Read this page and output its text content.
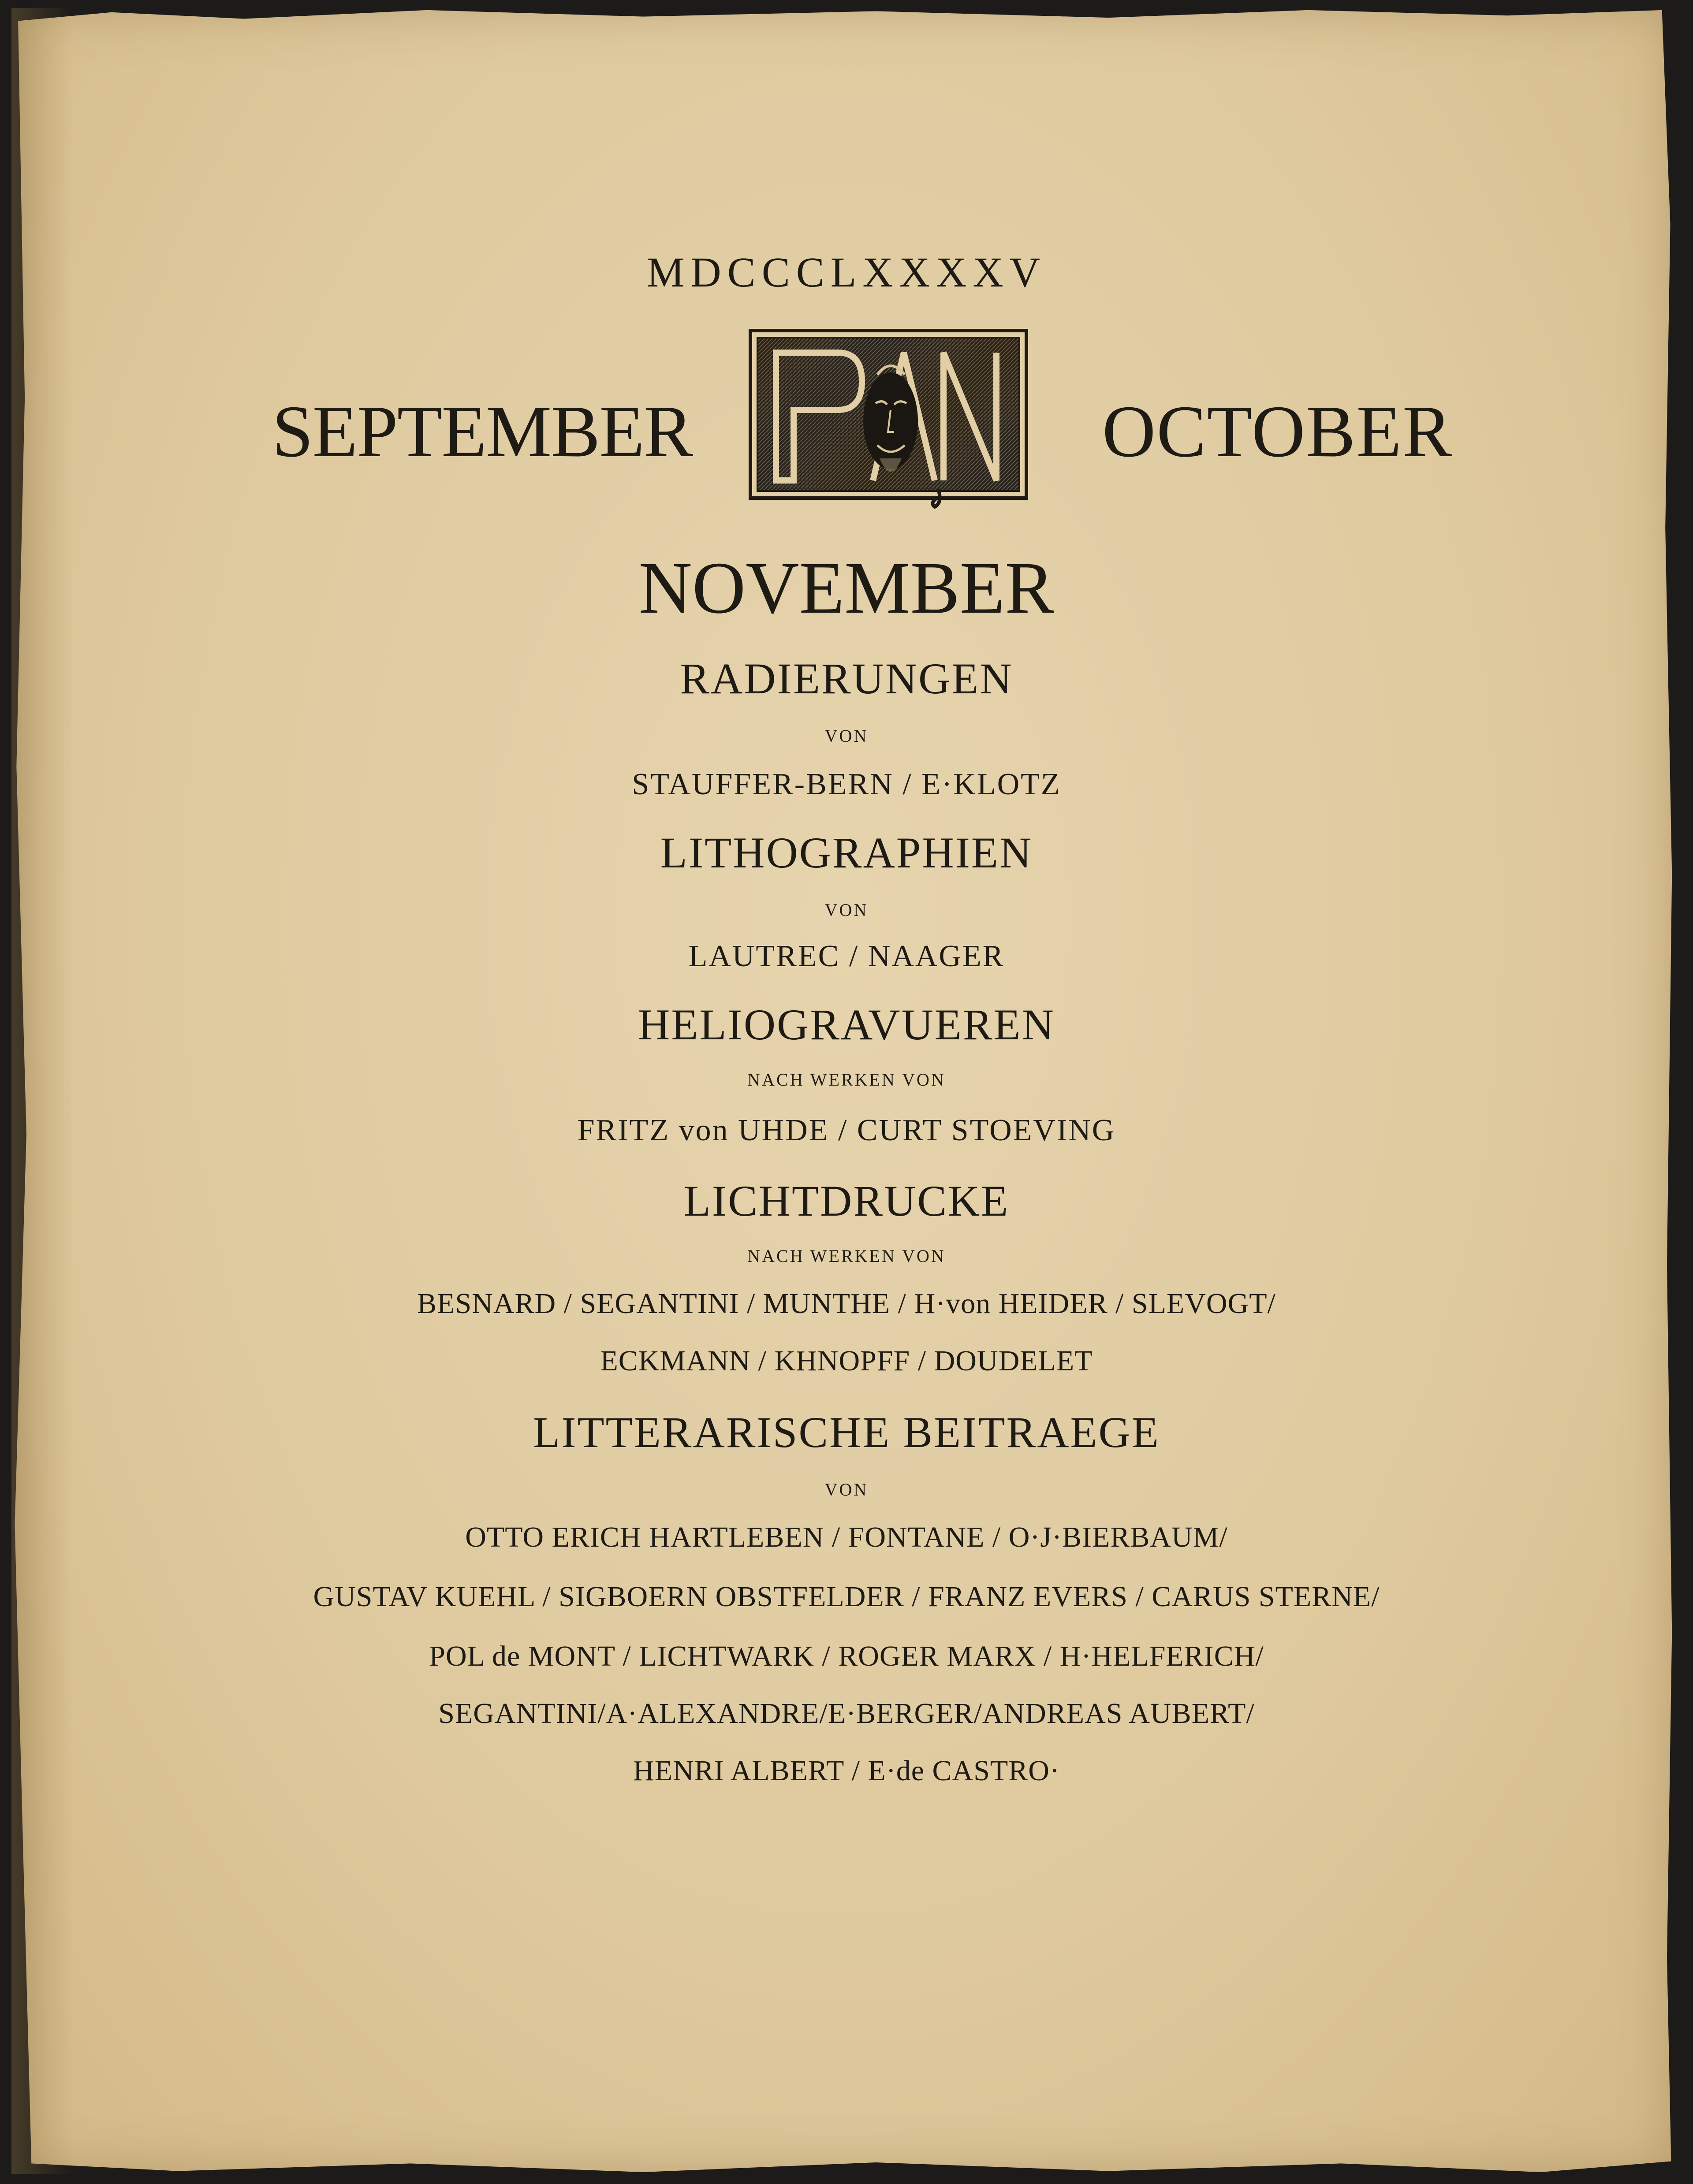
MDCCCLXXXXV
SEPTEMBER	OCTOBER
NOVEMBER
RADIERUNGEN
VON
STAUFFER-BERN / E·KLOTZ
LITHOGRAPHIEN
VON
LAUTREC / NAAGER
HELIOGRAVUEREN
NACH WERKEN VON
FRITZ von UHDE / CURT STOEVING
LICHTDRUCKE
NACH WERKEN VON
BESNARD / SEGANTINI / MUNTHE / H·von HEIDER / SLEVOGT/
ECKMANN / KHNOPFF / DOUDELET
LITTERARISCHE BEITRAEGE
VON
OTTO ERICH HARTLEBEN / FONTANE / O·J·BIERBAUM/
GUSTAV KUEHL / SIGBOERN OBSTFELDER / FRANZ EVERS / CARUS STERNE/
POL de MONT / LICHTWARK / ROGER MARX / H·HELFERICH/
SEGANTINI/A·ALEXANDRE/E·BERGER/ANDREAS AUBERT/
HENRI ALBERT / E·de CASTRO·
